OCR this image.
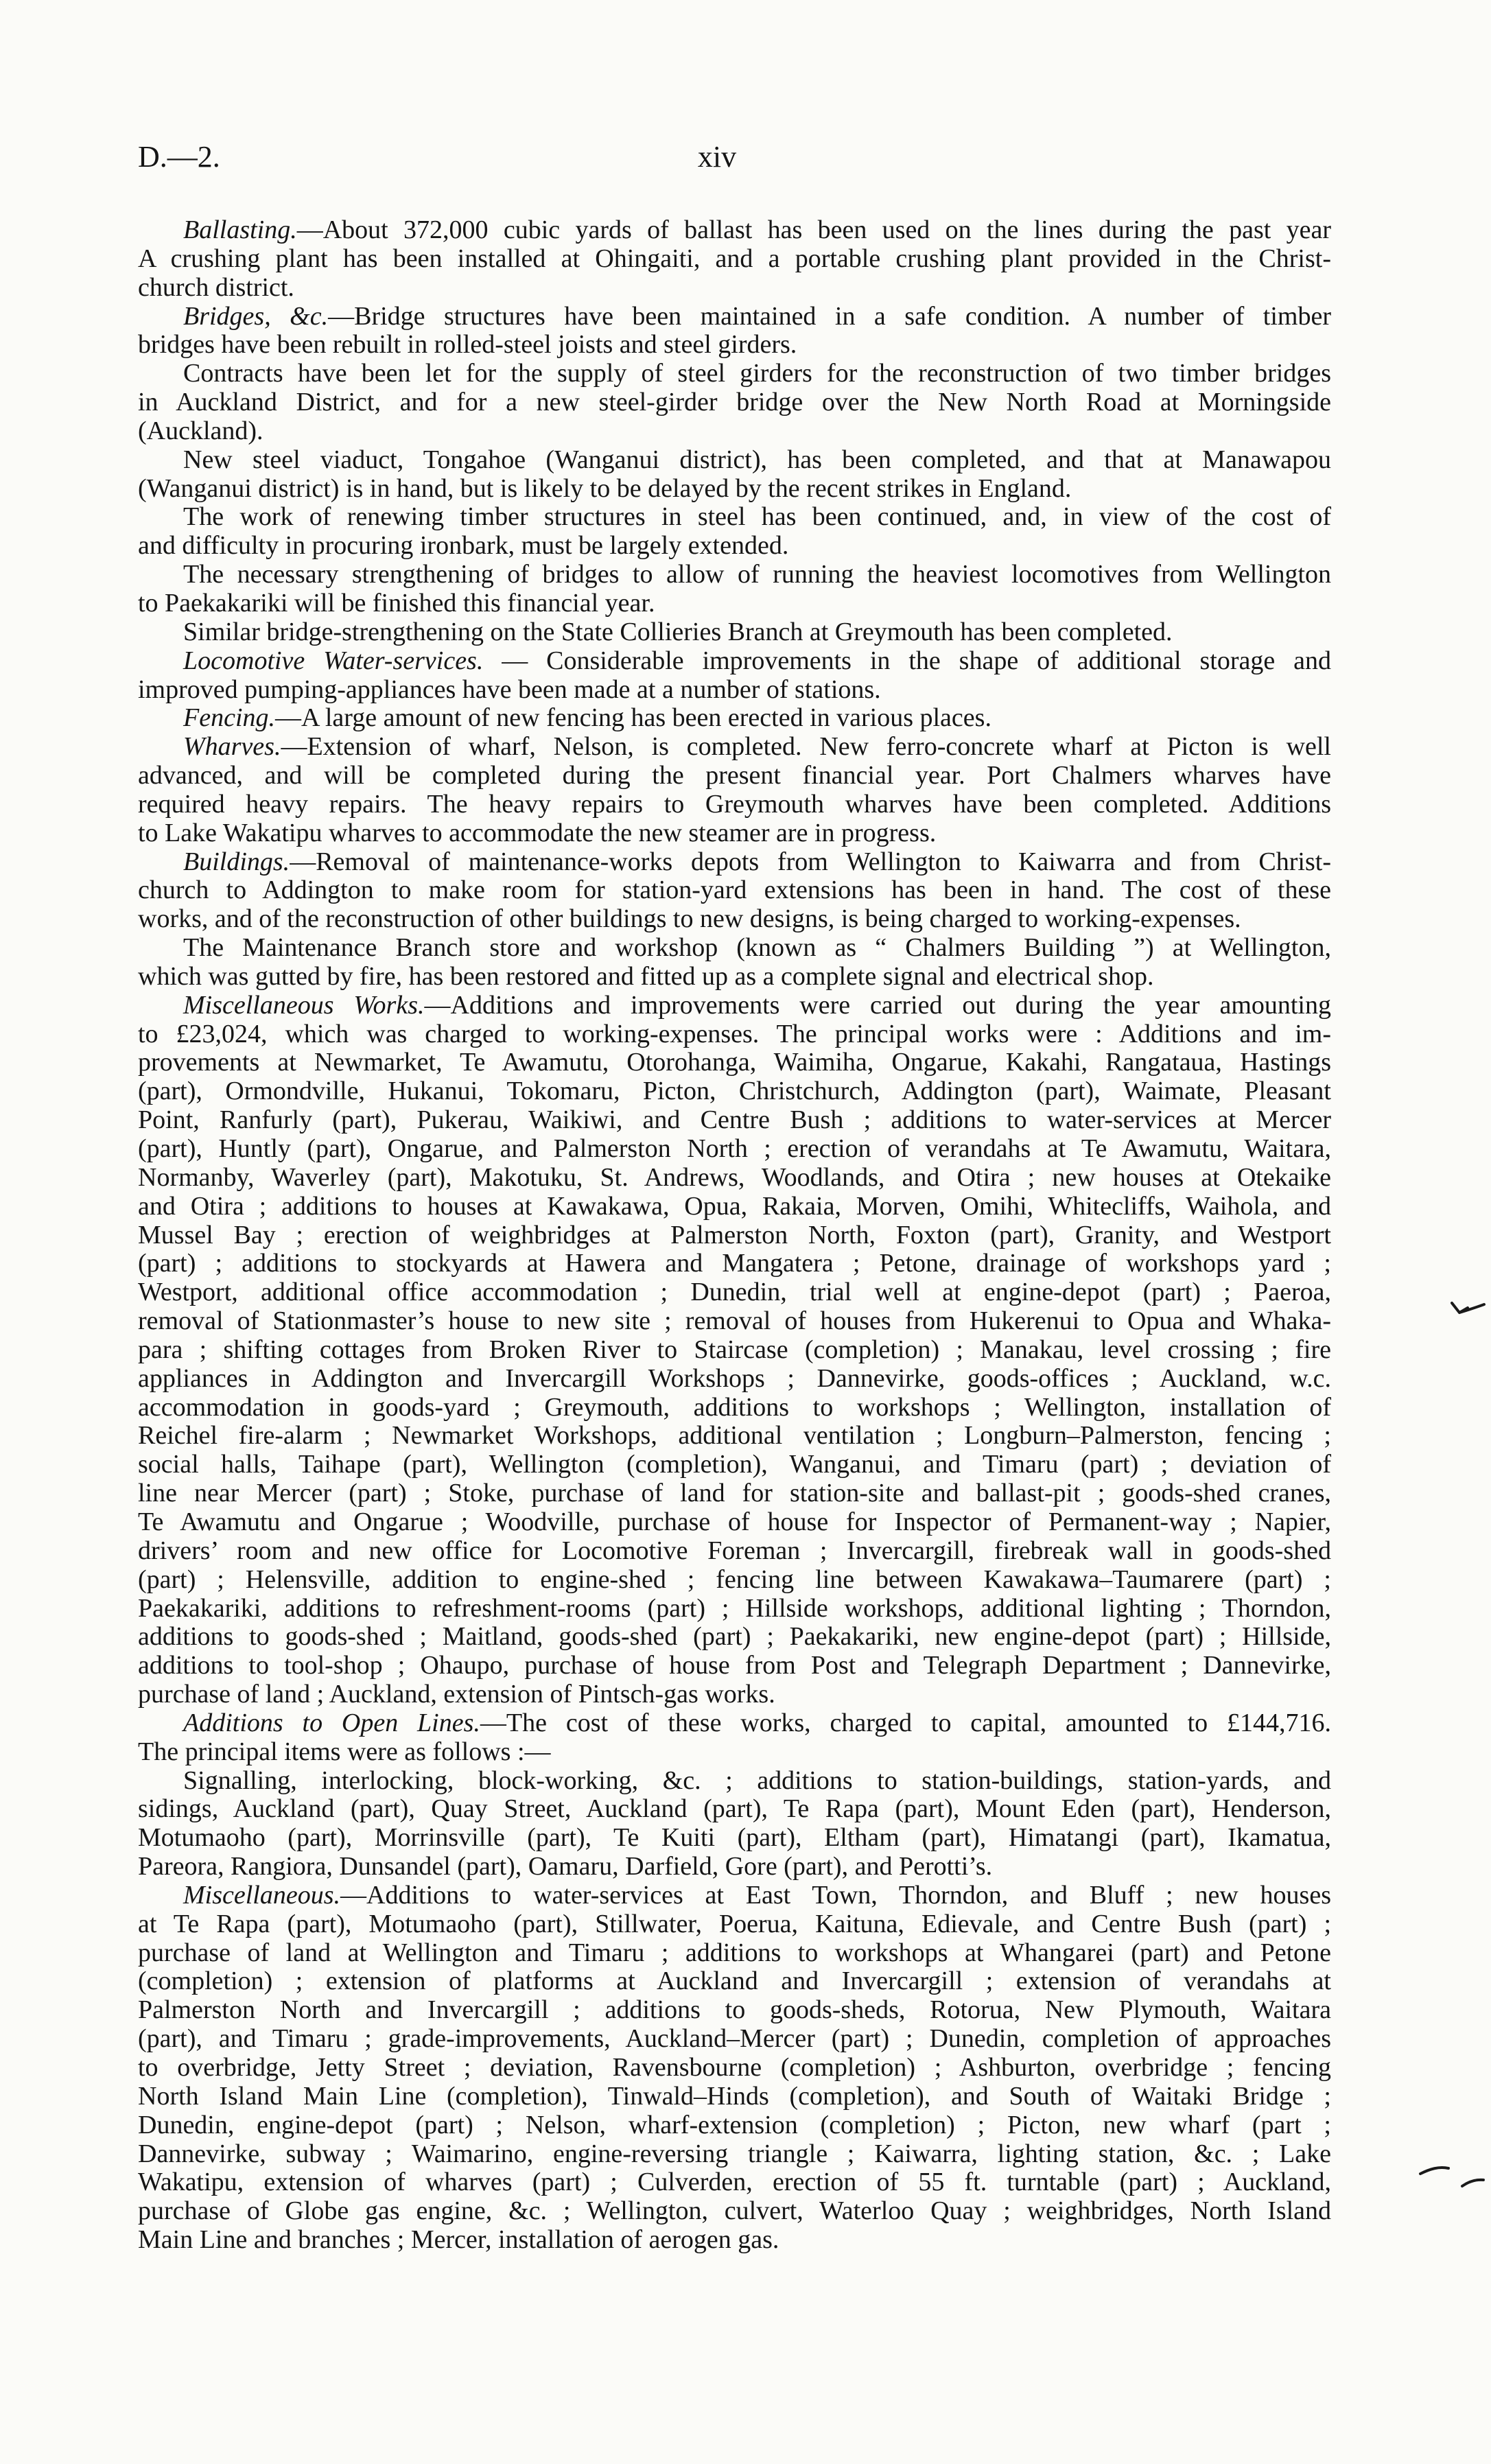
D.—2.	xiv
Ballasting.—About 372,000 cubic yards of ballast has been used on the lines during the past year
A crushing plant has been installed at Ohingaiti, and a portable crushing plant provided in the Christ-
church district.
Bridges, &c.—Bridge structures have been maintained in a safe condition. A number of timber
bridges have been rebuilt in rolled-steel joists and steel girders.
Contracts have been let for the supply of steel girders for the reconstruction of two timber bridges
in Auckland District, and for a new steel-girder bridge over the New North Road at Morningside
(Auckland).
New steel viaduct, Tongahoe (Wanganui district), has been completed, and that at Manawapou
(Wanganui district) is in hand, but is likely to be delayed by the recent strikes in England.
The work of renewing timber structures in steel has been continued, and, in view of the cost of
and difficulty in procuring ironbark, must be largely extended.
The necessary strengthening of bridges to allow of running the heaviest locomotives from Wellington
to Paekakariki will be finished this financial year.
Similar bridge-strengthening on the State Collieries Branch at Greymouth has been completed.
Locomotive Water-services. — Considerable improvements in the shape of additional storage and
improved pumping-appliances have been made at a number of stations.
Fencing.—A large amount of new fencing has been erected in various places.
Wharves.—Extension of wharf, Nelson, is completed. New ferro-concrete wharf at Picton is well
advanced, and will be completed during the present financial year. Port Chalmers wharves have
required heavy repairs. The heavy repairs to Greymouth wharves have been completed. Additions
to Lake Wakatipu wharves to accommodate the new steamer are in progress.
Buildings.—Removal of maintenance-works depots from Wellington to Kaiwarra and from Christ-
church to Addington to make room for station-yard extensions has been in hand. The cost of these
works, and of the reconstruction of other buildings to new designs, is being charged to working-expenses.
The Maintenance Branch store and workshop (known as “ Chalmers Building ”) at Wellington,
which was gutted by fire, has been restored and fitted up as a complete signal and electrical shop.
Miscellaneous Works.—Additions and improvements were carried out during the year amounting
to £23,024, which was charged to working-expenses. The principal works were : Additions and im-
provements at Newmarket, Te Awamutu, Otorohanga, Waimiha, Ongarue, Kakahi, Rangataua, Hastings
(part), Ormondville, Hukanui, Tokomaru, Picton, Christchurch, Addington (part), Waimate, Pleasant
Point, Ranfurly (part), Pukerau, Waikiwi, and Centre Bush ; additions to water-services at Mercer
(part), Huntly (part), Ongarue, and Palmerston North ; erection of verandahs at Te Awamutu, Waitara,
Normanby, Waverley (part), Makotuku, St. Andrews, Woodlands, and Otira ; new houses at Otekaike
and Otira ; additions to houses at Kawakawa, Opua, Rakaia, Morven, Omihi, Whitecliffs, Waihola, and
Mussel Bay ; erection of weighbridges at Palmerston North, Foxton (part), Granity, and Westport
(part) ; additions to stockyards at Hawera and Mangatera ; Petone, drainage of workshops yard ;
Westport, additional office accommodation ; Dunedin, trial well at engine-depot (part) ; Paeroa,
removal of Stationmaster’s house to new site ; removal of houses from Hukerenui to Opua and Whaka-
para ; shifting cottages from Broken River to Staircase (completion) ; Manakau, level crossing ; fire
appliances in Addington and Invercargill Workshops ; Dannevirke, goods-offices ; Auckland, w.c.
accommodation in goods-yard ; Greymouth, additions to workshops ; Wellington, installation of
Reichel fire-alarm ; Newmarket Workshops, additional ventilation ; Longburn–Palmerston, fencing ;
social halls, Taihape (part), Wellington (completion), Wanganui, and Timaru (part) ; deviation of
line near Mercer (part) ; Stoke, purchase of land for station-site and ballast-pit ; goods-shed cranes,
Te Awamutu and Ongarue ; Woodville, purchase of house for Inspector of Permanent-way ; Napier,
drivers’ room and new office for Locomotive Foreman ; Invercargill, firebreak wall in goods-shed
(part) ; Helensville, addition to engine-shed ; fencing line between Kawakawa–Taumarere (part) ;
Paekakariki, additions to refreshment-rooms (part) ; Hillside workshops, additional lighting ; Thorndon,
additions to goods-shed ; Maitland, goods-shed (part) ; Paekakariki, new engine-depot (part) ; Hillside,
additions to tool-shop ; Ohaupo, purchase of house from Post and Telegraph Department ; Dannevirke,
purchase of land ; Auckland, extension of Pintsch-gas works.
Additions to Open Lines.—The cost of these works, charged to capital, amounted to £144,716.
The principal items were as follows :—
Signalling, interlocking, block-working, &c. ; additions to station-buildings, station-yards, and
sidings, Auckland (part), Quay Street, Auckland (part), Te Rapa (part), Mount Eden (part), Henderson,
Motumaoho (part), Morrinsville (part), Te Kuiti (part), Eltham (part), Himatangi (part), Ikamatua,
Pareora, Rangiora, Dunsandel (part), Oamaru, Darfield, Gore (part), and Perotti’s.
Miscellaneous.—Additions to water-services at East Town, Thorndon, and Bluff ; new houses
at Te Rapa (part), Motumaoho (part), Stillwater, Poerua, Kaituna, Edievale, and Centre Bush (part) ;
purchase of land at Wellington and Timaru ; additions to workshops at Whangarei (part) and Petone
(completion) ; extension of platforms at Auckland and Invercargill ; extension of verandahs at
Palmerston North and Invercargill ; additions to goods-sheds, Rotorua, New Plymouth, Waitara
(part), and Timaru ; grade-improvements, Auckland–Mercer (part) ; Dunedin, completion of approaches
to overbridge, Jetty Street ; deviation, Ravensbourne (completion) ; Ashburton, overbridge ; fencing
North Island Main Line (completion), Tinwald–Hinds (completion), and South of Waitaki Bridge ;
Dunedin, engine-depot (part) ; Nelson, wharf-extension (completion) ; Picton, new wharf (part ;
Dannevirke, subway ; Waimarino, engine-reversing triangle ; Kaiwarra, lighting station, &c. ; Lake
Wakatipu, extension of wharves (part) ; Culverden, erection of 55 ft. turntable (part) ; Auckland,
purchase of Globe gas engine, &c. ; Wellington, culvert, Waterloo Quay ; weighbridges, North Island
Main Line and branches ; Mercer, installation of aerogen gas.
